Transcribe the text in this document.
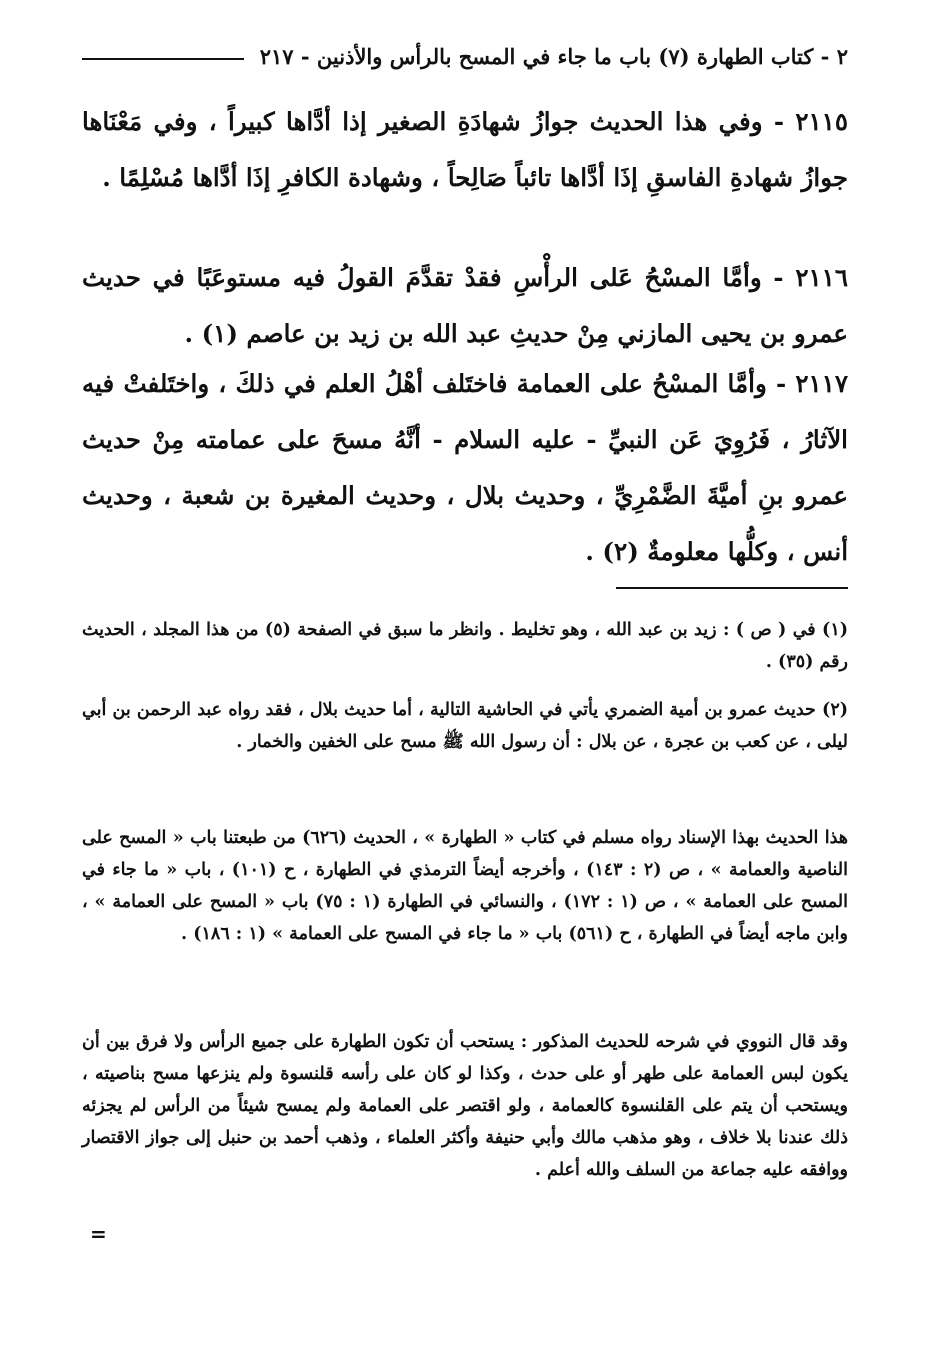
٢ - كتاب الطهارة (٧) باب ما جاء في المسح بالرأس والأذنين - ٢١٧

٢١١٥ - وفي هذا الحديث جوازُ شهادَةِ الصغير إذا أدَّاها كبيراً ، وفي مَعْنَاها جوازُ شهادةِ الفاسقِ إذَا أدَّاها تائباً صَالِحاً ، وشهادة الكافرِ إذَا أدَّاها مُسْلِمًا .

٢١١٦ - وأمَّا المسْحُ عَلى الرأْسِ فقدْ تقدَّمَ القولُ فيه مستوعَبًا في حديث عمرو بن يحيى المازني مِنْ حديثِ عبد الله بن زيد بن عاصم (١) .

٢١١٧ - وأمَّا المسْحُ على العمامة فاختَلف أهْلُ العلم في ذلكَ ، واختَلفتْ فيه الآثارُ ، فَرُوِيَ عَن النبيِّ - عليه السلام - أنَّهُ مسحَ على عمامته مِنْ حديث عمرو بنِ أميَّةَ الضَّمْرِيِّ ، وحديث بلال ، وحديث المغيرة بن شعبة ، وحديث أنس ، وكلُّها معلومةٌ (٢) .

(١) في ( ص ) : زيد بن عبد الله ، وهو تخليط . وانظر ما سبق في الصفحة (٥) من هذا المجلد ، الحديث رقم (٣٥) .

(٢) حديث عمرو بن أمية الضمري يأتي في الحاشية التالية ، أما حديث بلال ، فقد رواه عبد الرحمن بن أبي ليلى ، عن كعب بن عجرة ، عن بلال : أن رسول الله ﷺ مسح على الخفين والخمار .

هذا الحديث بهذا الإسناد رواه مسلم في كتاب « الطهارة » ، الحديث (٦٢٦) من طبعتنا باب « المسح على الناصية والعمامة » ، ص (٢ : ١٤٣) ، وأخرجه أيضاً الترمذي في الطهارة ، ح (١٠١) ، باب « ما جاء في المسح على العمامة » ، ص (١ : ١٧٢) ، والنسائي في الطهارة (١ : ٧٥) باب « المسح على العمامة » ، وابن ماجه أيضاً في الطهارة ، ح (٥٦١) باب « ما جاء في المسح على العمامة » (١ : ١٨٦) .

وقد قال النووي في شرحه للحديث المذكور : يستحب أن تكون الطهارة على جميع الرأس ولا فرق بين أن يكون لبس العمامة على طهر أو على حدث ، وكذا لو كان على رأسه قلنسوة ولم ينزعها مسح بناصيته ، ويستحب أن يتم على القلنسوة كالعمامة ، ولو اقتصر على العمامة ولم يمسح شيئاً من الرأس لم يجزئه ذلك عندنا بلا خلاف ، وهو مذهب مالك وأبي حنيفة وأكثر العلماء ، وذهب أحمد بن حنبل إلى جواز الاقتصار ووافقه عليه جماعة من السلف والله أعلم .

=
